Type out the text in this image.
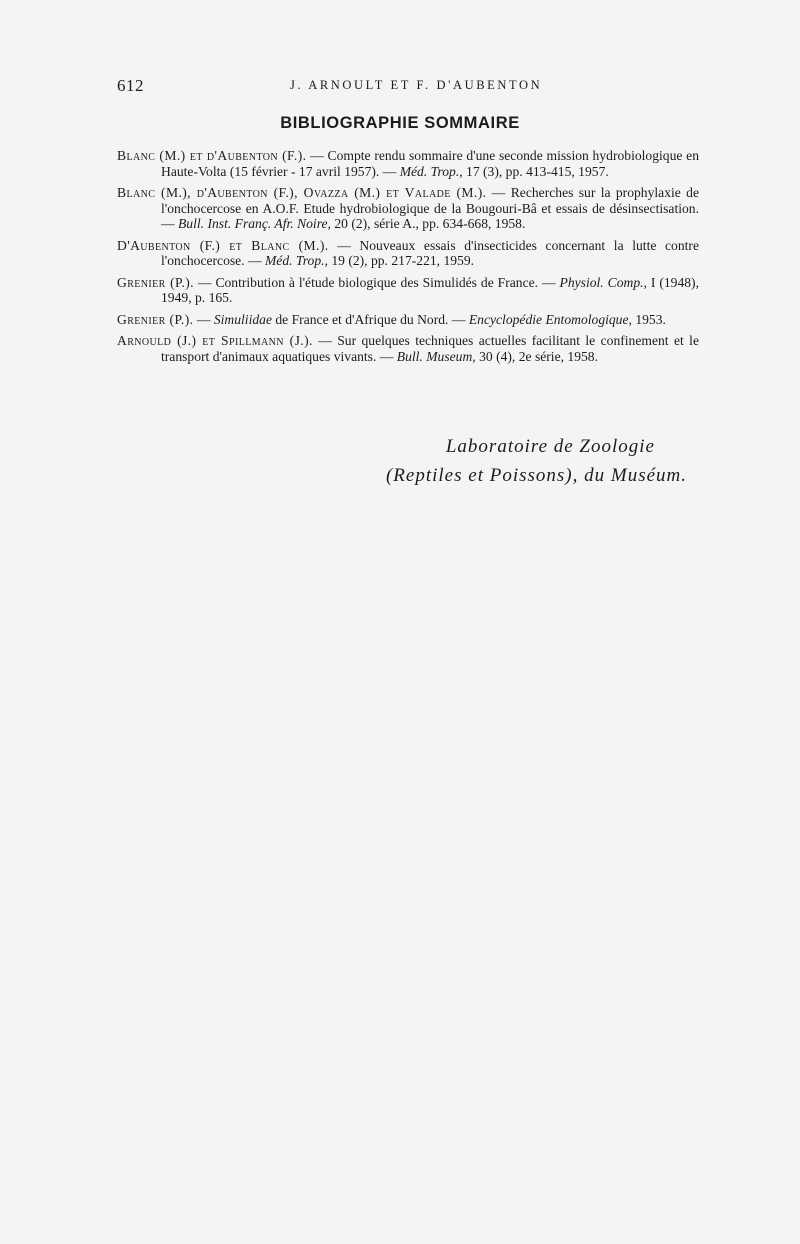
612	J. ARNOULT ET F. D'AUBENTON
BIBLIOGRAPHIE SOMMAIRE
Blanc (M.) et d'Aubenton (F.). — Compte rendu sommaire d'une seconde mission hydrobiologique en Haute-Volta (15 février - 17 avril 1957). — Méd. Trop., 17 (3), pp. 413-415, 1957.
Blanc (M.), d'Aubenton (F.), Ovazza (M.) et Valade (M.). — Recherches sur la prophylaxie de l'onchocercose en A.O.F. Etude hydrobiologique de la Bougouri-Bâ et essais de désinsectisation. — Bull. Inst. Franç. Afr. Noire, 20 (2), série A., pp. 634-668, 1958.
D'Aubenton (F.) et Blanc (M.). — Nouveaux essais d'insecticides concernant la lutte contre l'onchocercose. — Méd. Trop., 19 (2), pp. 217-221, 1959.
Grenier (P.). — Contribution à l'étude biologique des Simulidés de France. — Physiol. Comp., I (1948), 1949, p. 165.
Grenier (P.). — Simuliidae de France et d'Afrique du Nord. — Encyclopédie Entomologique, 1953.
Arnould (J.) et Spillmann (J.). — Sur quelques techniques actuelles facilitant le confinement et le transport d'animaux aquatiques vivants. — Bull. Museum, 30 (4), 2e série, 1958.
Laboratoire de Zoologie
(Reptiles et Poissons), du Muséum.
